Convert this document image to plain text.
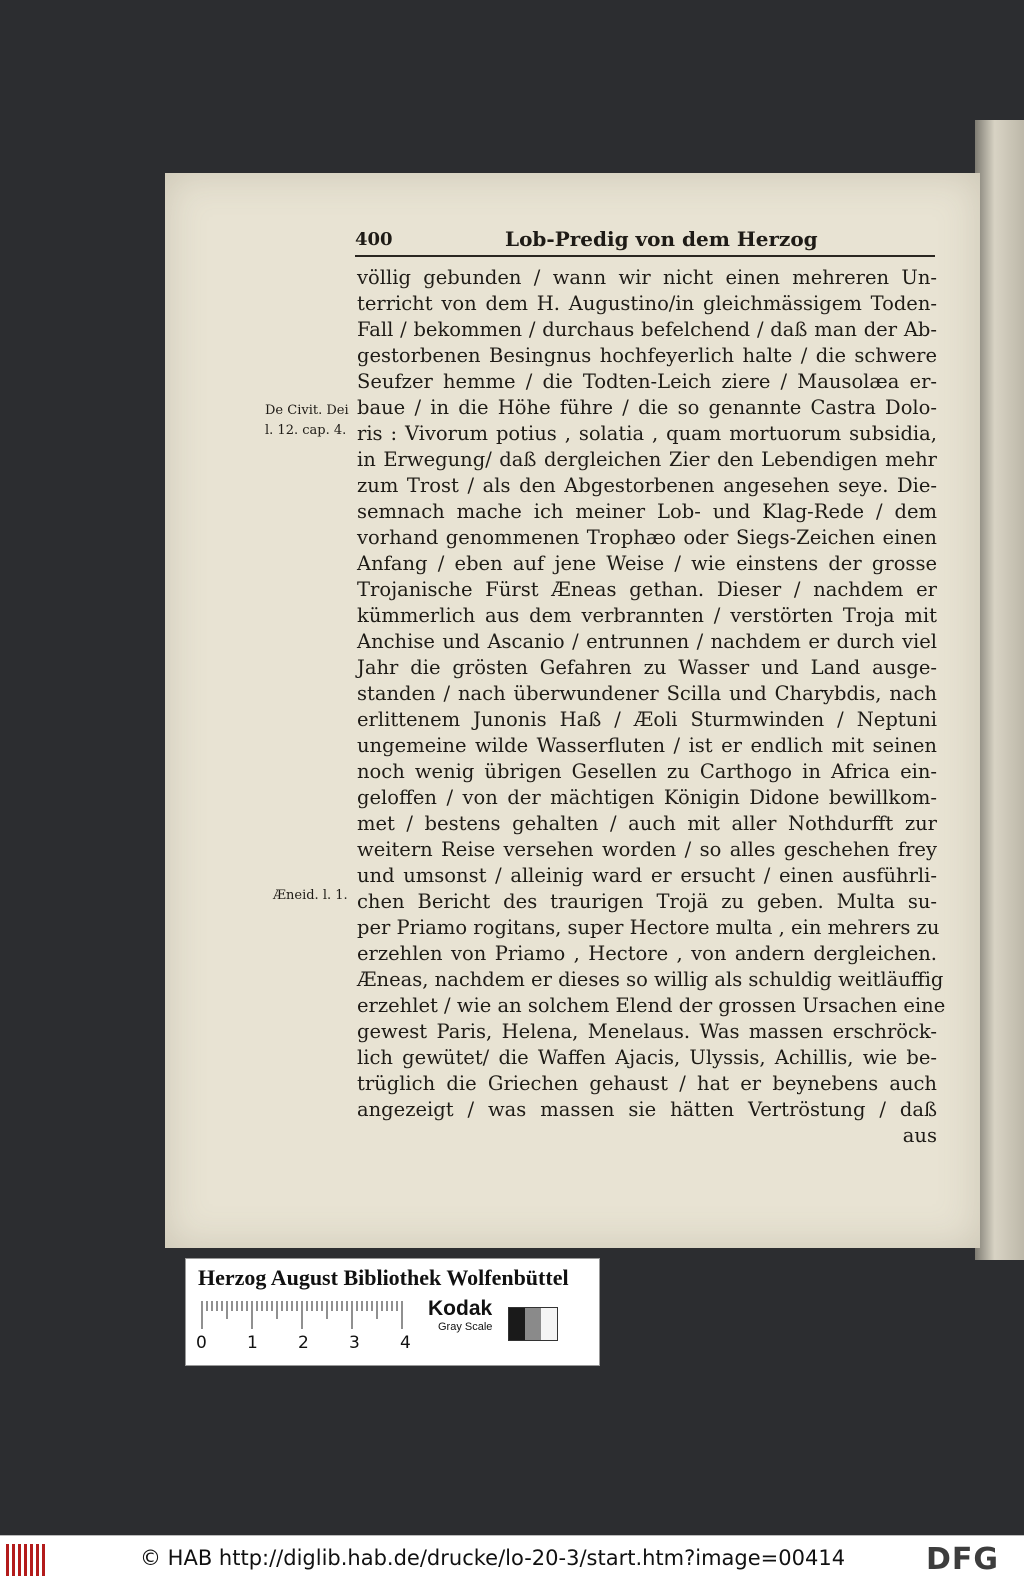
400	Lob-Predig von dem Herzog
De Civit. Dei l. 12. cap. 4.
Æneid. l. 1.
völlig gebunden / wann wir nicht einen mehreren Un-
terricht von dem H. Augustino/in gleichmässigem Toden-
Fall / bekommen / durchaus befelchend / daß man der Ab-
gestorbenen Besingnus hochfeyerlich halte / die schwere
Seufzer hemme / die Todten-Leich ziere / Mausolæa er-
baue / in die Höhe führe / die so genannte Castra Dolo-
ris : Vivorum potius , solatia , quam mortuorum subsidia,
in Erwegung/ daß dergleichen Zier den Lebendigen mehr
zum Trost / als den Abgestorbenen angesehen seye. Die-
semnach mache ich meiner Lob- und Klag-Rede / dem
vorhand genommenen Trophæo oder Siegs-Zeichen einen
Anfang / eben auf jene Weise / wie einstens der grosse
Trojanische Fürst Æneas gethan. Dieser / nachdem er
kümmerlich aus dem verbrannten / verstörten Troja mit
Anchise und Ascanio / entrunnen / nachdem er durch viel
Jahr die grösten Gefahren zu Wasser und Land ausge-
standen / nach überwundener Scilla und Charybdis, nach
erlittenem Junonis Haß / Æoli Sturmwinden / Neptuni
ungemeine wilde Wasserfluten / ist er endlich mit seinen
noch wenig übrigen Gesellen zu Carthogo in Africa ein-
geloffen / von der mächtigen Königin Didone bewillkom-
met / bestens gehalten / auch mit aller Nothdurfft zur
weitern Reise versehen worden / so alles geschehen frey
und umsonst / alleinig ward er ersucht / einen ausführli-
chen Bericht des traurigen Trojä zu geben. Multa su-
per Priamo rogitans, super Hectore multa , ein mehrers zu
erzehlen von Priamo , Hectore , von andern dergleichen.
Æneas, nachdem er dieses so willig als schuldig weitläuffig
erzehlet / wie an solchem Elend der grossen Ursachen eine
gewest Paris, Helena, Menelaus. Was massen erschröck-
lich gewütet/ die Waffen Ajacis, Ulyssis, Achillis, wie be-
trüglich die Griechen gehaust / hat er beynebens auch
angezeigt / was massen sie hätten Vertröstung / daß
aus
Herzog August Bibliothek Wolfenbüttel
0 1 2 3 4
Kodak
Gray Scale
© HAB http://diglib.hab.de/drucke/lo-20-3/start.htm?image=00414	DFG
